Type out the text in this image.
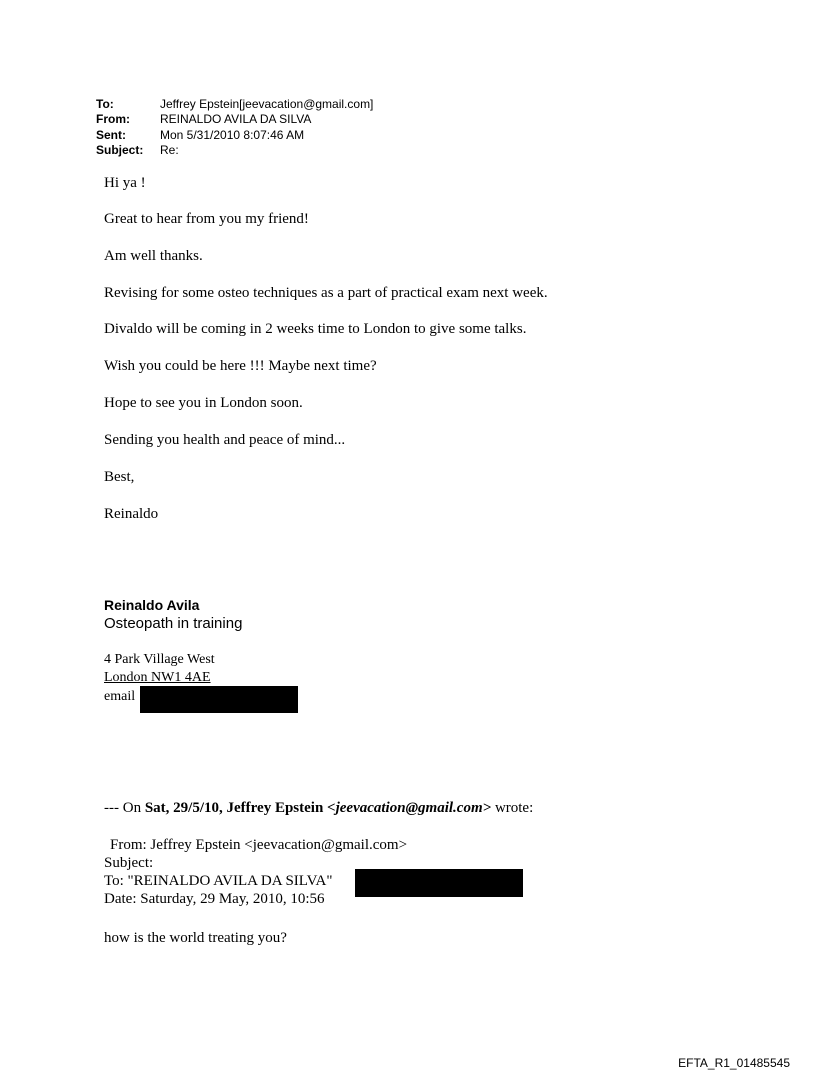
To:	Jeffrey Epstein[jeevacation@gmail.com]
From:	REINALDO AVILA DA SILVA
Sent:	Mon 5/31/2010 8:07:46 AM
Subject: Re:
Hi ya !
Great to hear from you my friend!
Am well thanks.
Revising for some osteo techniques as a part of practical exam next week.
Divaldo will be coming in 2 weeks time to London to give some talks.
Wish you could be here !!! Maybe next time?
Hope to see you in London soon.
Sending you health and peace of mind...
Best,
Reinaldo
Reinaldo Avila
Osteopath in training
4 Park Village West
London NW1 4AE
email
--- On Sat, 29/5/10, Jeffrey Epstein <jeevacation@gmail.com> wrote:
From: Jeffrey Epstein <jeevacation@gmail.com>
Subject:
To: "REINALDO AVILA DA SILVA"
Date: Saturday, 29 May, 2010, 10:56
how is the world treating you?
EFTA_R1_01485545
